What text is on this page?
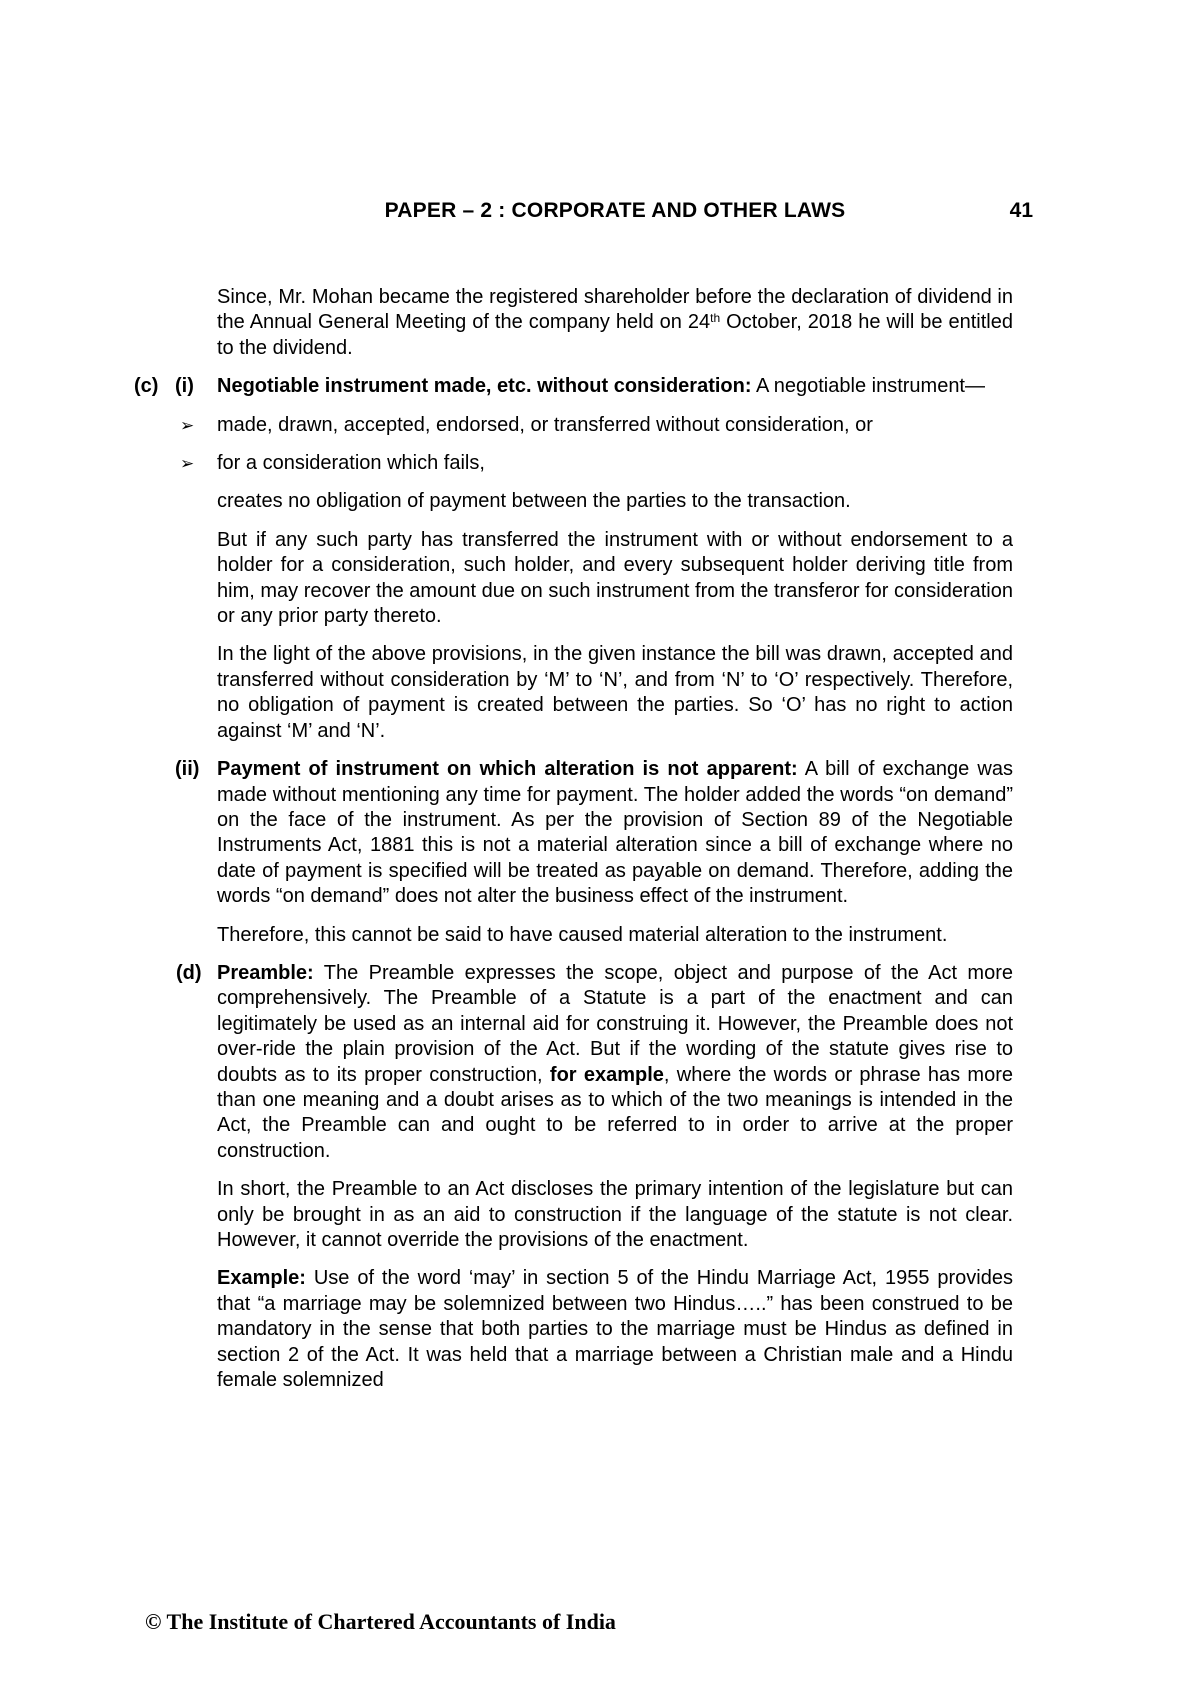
PAPER – 2 : CORPORATE AND OTHER LAWS	41

Since, Mr. Mohan became the registered shareholder before the declaration of dividend in the Annual General Meeting of the company held on 24th October, 2018 he will be entitled to the dividend.

(c) (i) Negotiable instrument made, etc. without consideration: A negotiable instrument—

➢ made, drawn, accepted, endorsed, or transferred without consideration, or

➢ for a consideration which fails,

creates no obligation of payment between the parties to the transaction.

But if any such party has transferred the instrument with or without endorsement to a holder for a consideration, such holder, and every subsequent holder deriving title from him, may recover the amount due on such instrument from the transferor for consideration or any prior party thereto.

In the light of the above provisions, in the given instance the bill was drawn, accepted and transferred without consideration by ‘M’ to ‘N’, and from ‘N’ to ‘O’ respectively. Therefore, no obligation of payment is created between the parties. So ‘O’ has no right to action against ‘M’ and ‘N’.

(ii) Payment of instrument on which alteration is not apparent: A bill of exchange was made without mentioning any time for payment. The holder added the words “on demand” on the face of the instrument. As per the provision of Section 89 of the Negotiable Instruments Act, 1881 this is not a material alteration since a bill of exchange where no date of payment is specified will be treated as payable on demand. Therefore, adding the words “on demand” does not alter the business effect of the instrument.

Therefore, this cannot be said to have caused material alteration to the instrument.

(d) Preamble: The Preamble expresses the scope, object and purpose of the Act more comprehensively. The Preamble of a Statute is a part of the enactment and can legitimately be used as an internal aid for construing it. However, the Preamble does not over-ride the plain provision of the Act. But if the wording of the statute gives rise to doubts as to its proper construction, for example, where the words or phrase has more than one meaning and a doubt arises as to which of the two meanings is intended in the Act, the Preamble can and ought to be referred to in order to arrive at the proper construction.

In short, the Preamble to an Act discloses the primary intention of the legislature but can only be brought in as an aid to construction if the language of the statute is not clear. However, it cannot override the provisions of the enactment.

Example: Use of the word ‘may’ in section 5 of the Hindu Marriage Act, 1955 provides that “a marriage may be solemnized between two Hindus…..” has been construed to be mandatory in the sense that both parties to the marriage must be Hindus as defined in section 2 of the Act. It was held that a marriage between a Christian male and a Hindu female solemnized

© The Institute of Chartered Accountants of India
